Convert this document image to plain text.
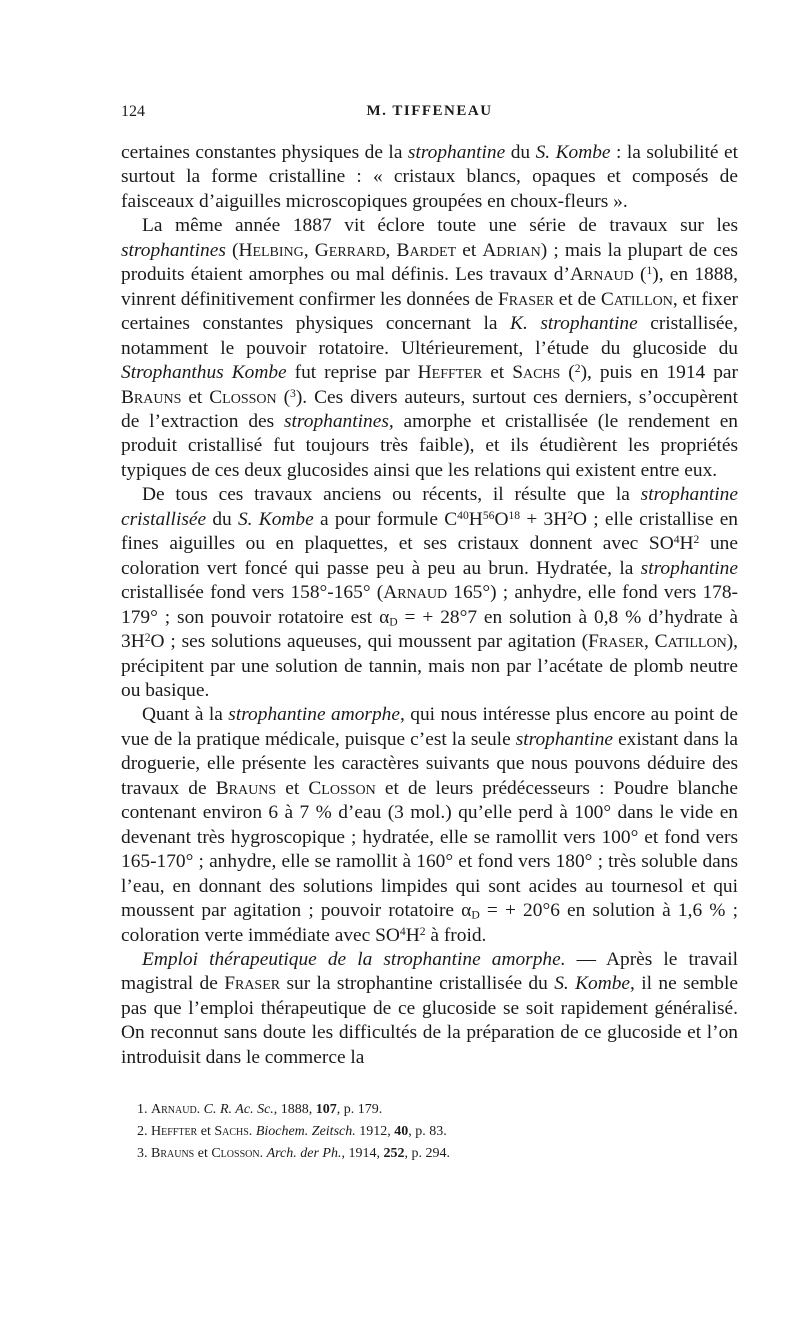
124	M. TIFFENEAU

certaines constantes physiques de la strophantine du S. Kombe : la solubilité et surtout la forme cristalline : « cristaux blancs, opaques et composés de faisceaux d’aiguilles microscopiques groupées en choux-fleurs ».

La même année 1887 vit éclore toute une série de travaux sur les strophantines (Helbing, Gerrard, Bardet et Adrian) ; mais la plupart de ces produits étaient amorphes ou mal définis. Les travaux d’Arnaud ($^1$), en 1888, vinrent définitivement confirmer les données de Fraser et de Catillon, et fixer certaines constantes physiques concernant la K. strophantine cristallisée, notamment le pouvoir rotatoire. Ultérieurement, l’étude du glucoside du Strophanthus Kombe fut reprise par Heffter et Sachs ($^2$), puis en 1914 par Brauns et Closson ($^3$). Ces divers auteurs, surtout ces derniers, s’occupèrent de l’extraction des strophantines, amorphe et cristallisée (le rendement en produit cristallisé fut toujours très faible), et ils étudièrent les propriétés typiques de ces deux glucosides ainsi que les relations qui existent entre eux.

De tous ces travaux anciens ou récents, il résulte que la strophantine cristallisée du S. Kombe a pour formule $C^{40}H^{56}O^{18} + 3H^2O$ ; elle cristallise en fines aiguilles ou en plaquettes, et ses cristaux donnent avec $SO^4H^2$ une coloration vert foncé qui passe peu à peu au brun. Hydratée, la strophantine cristallisée fond vers 158°-165° (Arnaud 165°) ; anhydre, elle fond vers 178-179° ; son pouvoir rotatoire est $\alpha_D$ = + 28°7 en solution à 0,8 % d’hydrate à $3H^2O$ ; ses solutions aqueuses, qui moussent par agitation (Fraser, Catillon), précipitent par une solution de tannin, mais non par l’acétate de plomb neutre ou basique.

Quant à la strophantine amorphe, qui nous intéresse plus encore au point de vue de la pratique médicale, puisque c’est la seule strophantine existant dans la droguerie, elle présente les caractères suivants que nous pouvons déduire des travaux de Brauns et Closson et de leurs prédécesseurs : Poudre blanche contenant environ 6 à 7 % d’eau (3 mol.) qu’elle perd à 100° dans le vide en devenant très hygroscopique ; hydratée, elle se ramollit vers 100° et fond vers 165-170° ; anhydre, elle se ramollit à 160° et fond vers 180° ; très soluble dans l’eau, en donnant des solutions limpides qui sont acides au tournesol et qui moussent par agitation ; pouvoir rotatoire $\alpha_D$ = + 20°6 en solution à 1,6 % ; coloration verte immédiate avec $SO^4H^2$ à froid.

Emploi thérapeutique de la strophantine amorphe. — Après le travail magistral de Fraser sur la strophantine cristallisée du S. Kombe, il ne semble pas que l’emploi thérapeutique de ce glucoside se soit rapidement généralisé. On reconnut sans doute les difficultés de la préparation de ce glucoside et l’on introduisit dans le commerce la

1. Arnaud. C. R. Ac. Sc., 1888, 107, p. 179.
2. Heffter et Sachs. Biochem. Zeitsch. 1912, 40, p. 83.
3. Brauns et Closson. Arch. der Ph., 1914, 252, p. 294.
